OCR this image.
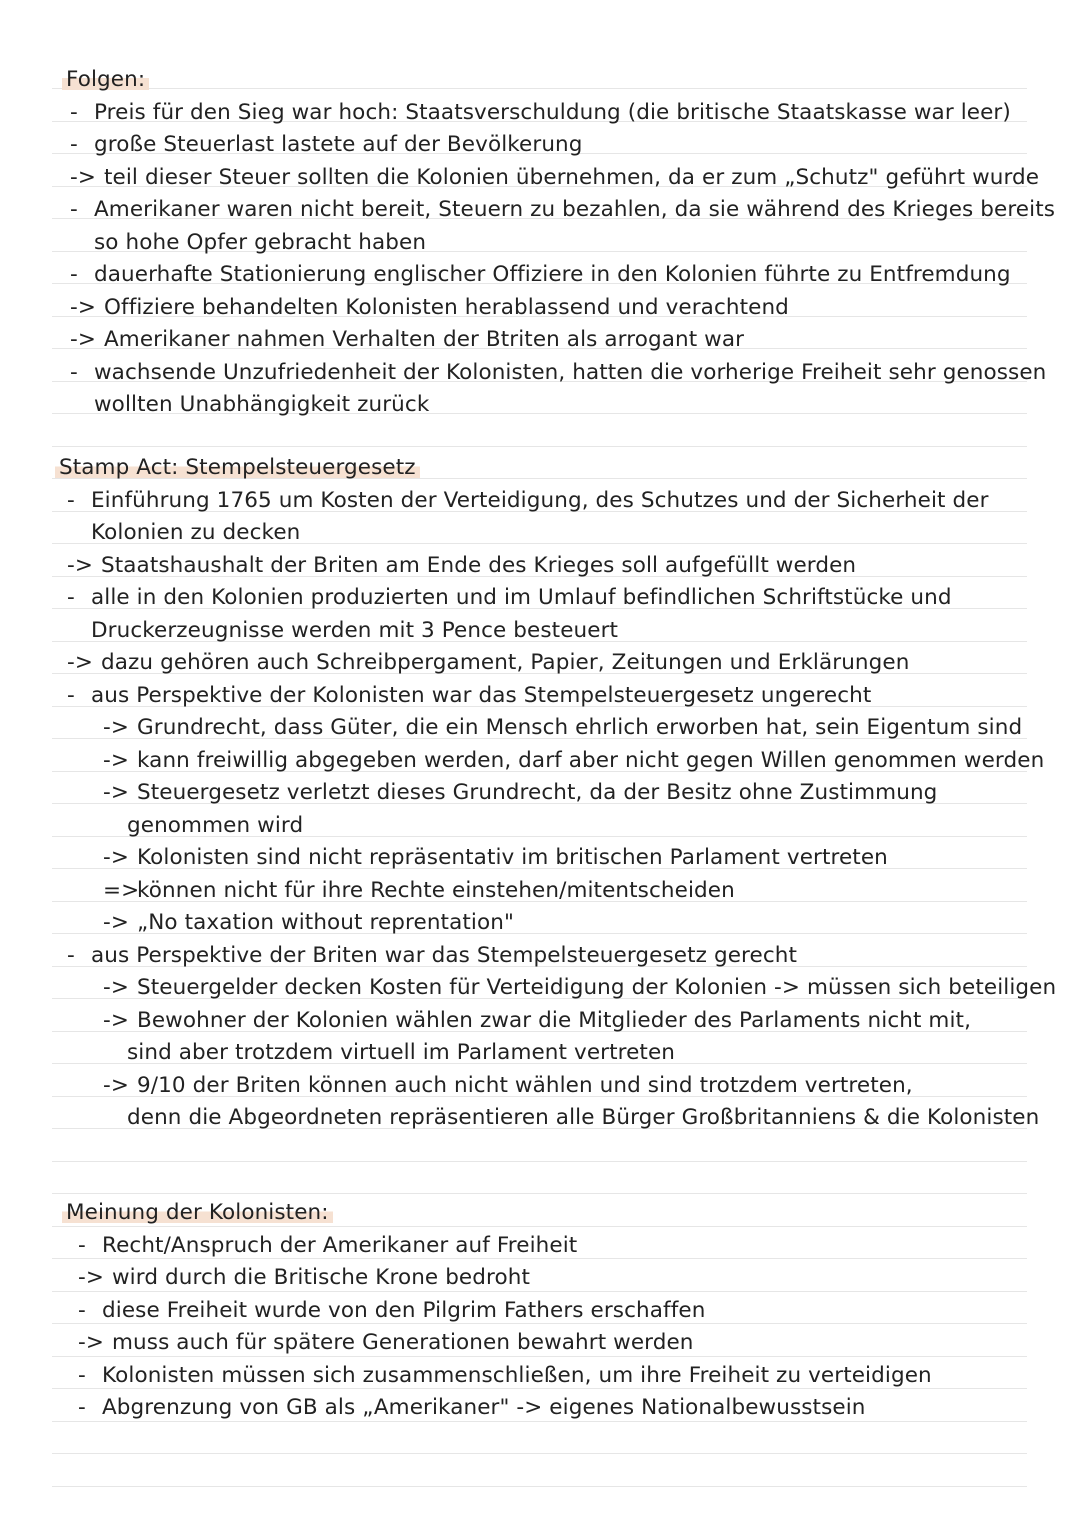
Folgen:
- Preis für den Sieg war hoch: Staatsverschuldung (die britische Staatskasse war leer)
- große Steuerlast lastete auf der Bevölkerung
-> teil dieser Steuer sollten die Kolonien übernehmen, da er zum „Schutz" geführt wurde
- Amerikaner waren nicht bereit, Steuern zu bezahlen, da sie während des Krieges bereits
so hohe Opfer gebracht haben
- dauerhafte Stationierung englischer Offiziere in den Kolonien führte zu Entfremdung
-> Offiziere behandelten Kolonisten herablassend und verachtend
-> Amerikaner nahmen Verhalten der Btriten als arrogant war
- wachsende Unzufriedenheit der Kolonisten, hatten die vorherige Freiheit sehr genossen
wollten Unabhängigkeit zurück
Stamp Act: Stempelsteuergesetz
- Einführung 1765 um Kosten der Verteidigung, des Schutzes und der Sicherheit der
Kolonien zu decken
-> Staatshaushalt der Briten am Ende des Krieges soll aufgefüllt werden
- alle in den Kolonien produzierten und im Umlauf befindlichen Schriftstücke und
Druckerzeugnisse werden mit 3 Pence besteuert
-> dazu gehören auch Schreibpergament, Papier, Zeitungen und Erklärungen
- aus Perspektive der Kolonisten war das Stempelsteuergesetz ungerecht
-> Grundrecht, dass Güter, die ein Mensch ehrlich erworben hat, sein Eigentum sind
-> kann freiwillig abgegeben werden, darf aber nicht gegen Willen genommen werden
-> Steuergesetz verletzt dieses Grundrecht, da der Besitz ohne Zustimmung
genommen wird
-> Kolonisten sind nicht repräsentativ im britischen Parlament vertreten
=>können nicht für ihre Rechte einstehen/mitentscheiden
-> „No taxation without reprentation"
- aus Perspektive der Briten war das Stempelsteuergesetz gerecht
-> Steuergelder decken Kosten für Verteidigung der Kolonien -> müssen sich beteiligen
-> Bewohner der Kolonien wählen zwar die Mitglieder des Parlaments nicht mit,
sind aber trotzdem virtuell im Parlament vertreten
-> 9/10 der Briten können auch nicht wählen und sind trotzdem vertreten,
denn die Abgeordneten repräsentieren alle Bürger Großbritanniens & die Kolonisten
Meinung der Kolonisten:
- Recht/Anspruch der Amerikaner auf Freiheit
-> wird durch die Britische Krone bedroht
- diese Freiheit wurde von den Pilgrim Fathers erschaffen
-> muss auch für spätere Generationen bewahrt werden
- Kolonisten müssen sich zusammenschließen, um ihre Freiheit zu verteidigen
- Abgrenzung von GB als „Amerikaner" -> eigenes Nationalbewusstsein
